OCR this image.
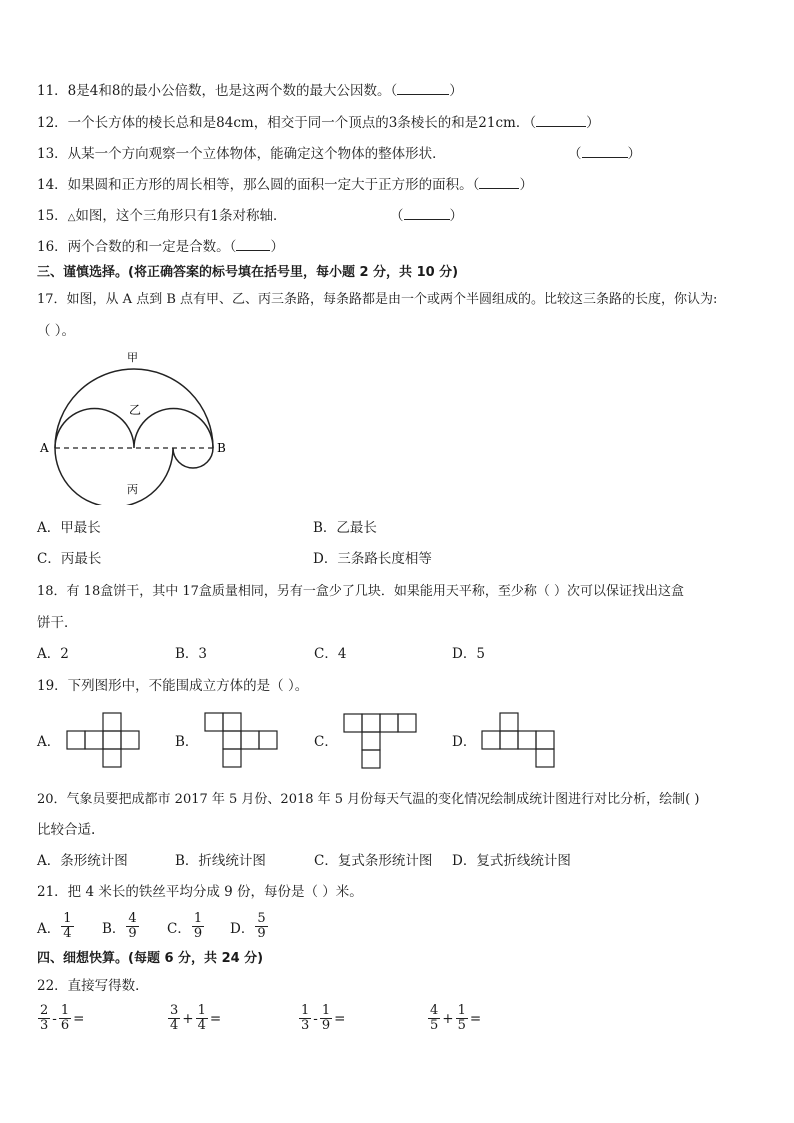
11．8是4和8的最小公倍数，也是这两个数的最大公因数。（	）
12．一个长方体的棱长总和是84cm，相交于同一个顶点的3条棱长的和是21cm．（	）
13．从某一个方向观察一个立体物体，能确定这个物体的整体形状．	（	）
14．如果圆和正方形的周长相等，那么圆的面积一定大于正方形的面积。（	）
15．△如图，这个三角形只有1条对称轴．	（	）
16．两个合数的和一定是合数。（	）
三、谨慎选择。(将正确答案的标号填在括号里，每小题 2 分，共 10 分)
17．如图，从 A 点到 B 点有甲、乙、丙三条路，每条路都是由一个或两个半圆组成的。比较这三条路的长度，你认为:
（ ）。
甲
乙
丙
A	B
A．甲最长	B．乙最长
C．丙最长	D．三条路长度相等
18．有 18盒饼干，其中 17盒质量相同，另有一盒少了几块．如果能用天平称，至少称（ ）次可以保证找出这盒
饼干．
A．2	B．3	C．4	D．5
19．下列图形中，不能围成立方体的是（ ）。
A．	B．	C．	D．
20．气象员要把成都市 2017 年 5 月份、2018 年 5 月份每天气温的变化情况绘制成统计图进行对比分析，绘制( )
比较合适.
A．条形统计图	B．折线统计图	C．复式条形统计图 D．复式折线统计图
21．把 4 米长的铁丝平均分成 9 份，每份是（ ）米。
A． $\frac{1}{4}$ B． $\frac{4}{9}$ C． $\frac{1}{9}$ D． $\frac{5}{9}$
四、细想快算。(每题 6 分，共 24 分)
22．直接写得数．
$\frac{2}{3} - \frac{1}{6}$ =	$\frac{3}{4} + \frac{1}{4}$ =	$\frac{1}{3} - \frac{1}{9}$ =	$\frac{4}{5} + \frac{1}{5}$ =
